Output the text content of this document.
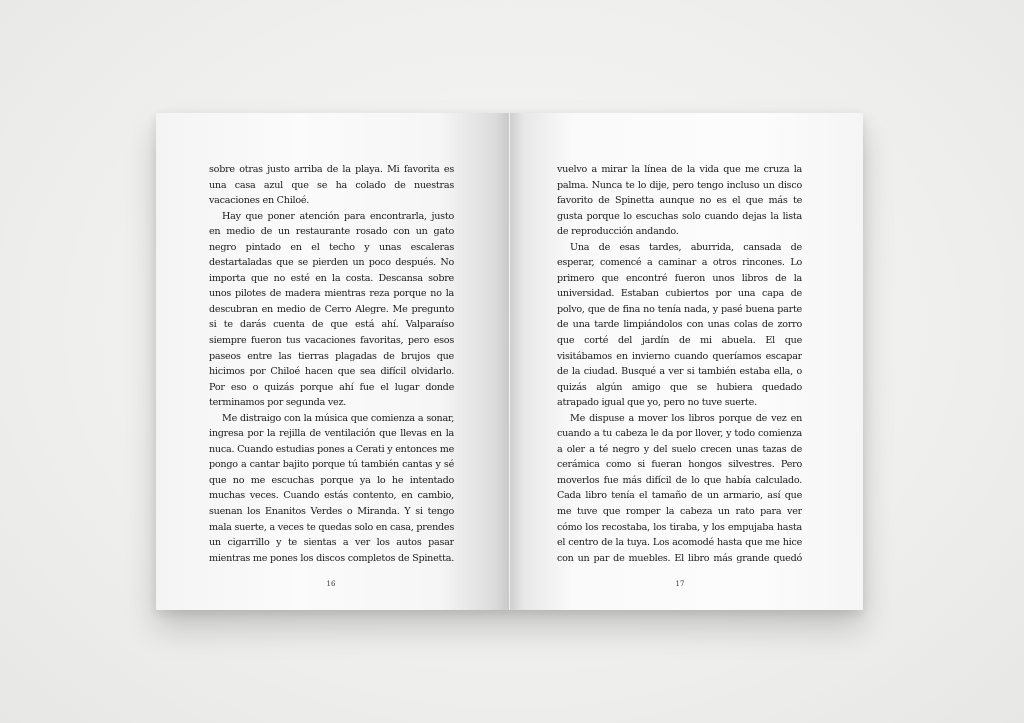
sobre otras justo arriba de la playa. Mi favorita es una casa azul que se ha colado de nuestras vacaciones en Chiloé.

Hay que poner atención para encontrarla, justo en medio de un restaurante rosado con un gato negro pintado en el techo y unas escaleras destartaladas que se pierden un poco después. No importa que no esté en la costa. Descansa sobre unos pilotes de madera mientras reza porque no la descubran en medio de Cerro Alegre. Me pregunto si te darás cuenta de que está ahí. Valparaíso siempre fueron tus vacaciones favoritas, pero esos paseos entre las tierras plagadas de brujos que hicimos por Chiloé hacen que sea difícil olvidarlo. Por eso o quizás porque ahí fue el lugar donde terminamos por segunda vez.

Me distraigo con la música que comienza a sonar, ingresa por la rejilla de ventilación que llevas en la nuca. Cuando estudias pones a Cerati y entonces me pongo a cantar bajito porque tú también cantas y sé que no me escuchas porque ya lo he intentado muchas veces. Cuando estás contento, en cambio, suenan los Enanitos Verdes o Miranda. Y si tengo mala suerte, a veces te quedas solo en casa, prendes un cigarrillo y te sientas a ver los autos pasar mientras me pones los discos completos de Spinetta.

16

vuelvo a mirar la línea de la vida que me cruza la palma. Nunca te lo dije, pero tengo incluso un disco favorito de Spinetta aunque no es el que más te gusta porque lo escuchas solo cuando dejas la lista de reproducción andando.

Una de esas tardes, aburrida, cansada de esperar, comencé a caminar a otros rincones. Lo primero que encontré fueron unos libros de la universidad. Estaban cubiertos por una capa de polvo, que de fina no tenía nada, y pasé buena parte de una tarde limpiándolos con unas colas de zorro que corté del jardín de mi abuela. El que visitábamos en invierno cuando queríamos escapar de la ciudad. Busqué a ver si también estaba ella, o quizás algún amigo que se hubiera quedado atrapado igual que yo, pero no tuve suerte.

Me dispuse a mover los libros porque de vez en cuando a tu cabeza le da por llover, y todo comienza a oler a té negro y del suelo crecen unas tazas de cerámica como si fueran hongos silvestres. Pero moverlos fue más difícil de lo que había calculado. Cada libro tenía el tamaño de un armario, así que me tuve que romper la cabeza un rato para ver cómo los recostaba, los tiraba, y los empujaba hasta el centro de la tuya. Los acomodé hasta que me hice con un par de muebles. El libro más grande quedó

17
